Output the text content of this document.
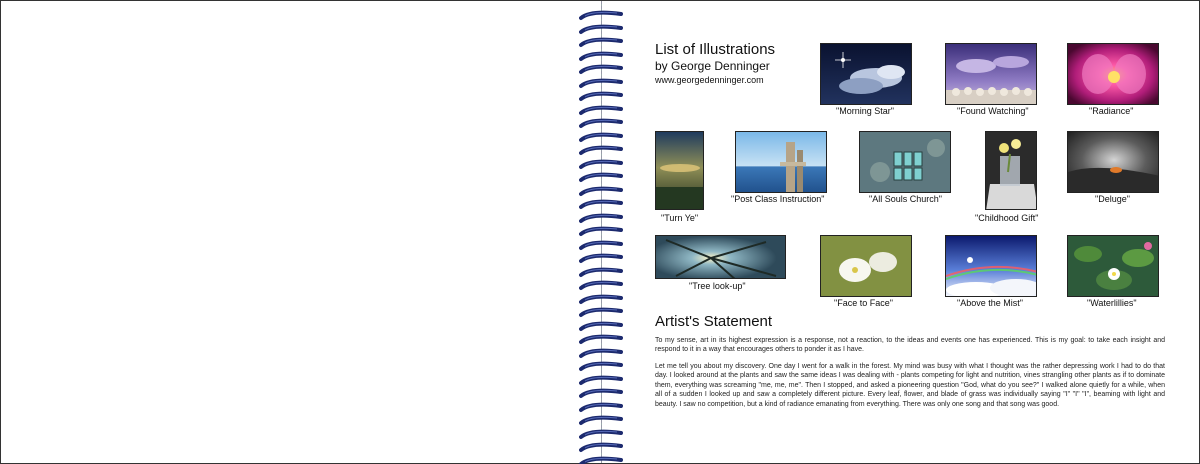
List of Illustrations
by George Denninger
www.georgedenninger.com
"Morning Star"	"Found Watching"	"Radiance"
"Turn Ye"
"Post Class Instruction"	"All Souls Church"
"Childhood Gift"
"Deluge"
"Tree look-up"
"Face to Face"	"Above the Mist"	"Waterlillies"
Artist's Statement

To my sense, art in its highest expression is a response, not a reaction, to the ideas and events one has experienced. This is my goal: to take each insight and respond to it in a way that encourages others to ponder it as I have.

Let me tell you about my discovery. One day I went for a walk in the forest. My mind was busy with what I thought was the rather depressing work I had to do that day. I looked around at the plants and saw the same ideas I was dealing with - plants competing for light and nutrition, vines strangling other plants as if to dominate them, everything was screaming "me, me, me". Then I stopped, and asked a pioneering question "God, what do you see?" I walked alone quietly for a while, when all of a sudden I looked up and saw a completely different picture. Every leaf, flower, and blade of grass was individually saying "I" "I" "I", beaming with light and beauty. I saw no competition, but a kind of radiance emanating from everything. There was only one song and that song was good.
